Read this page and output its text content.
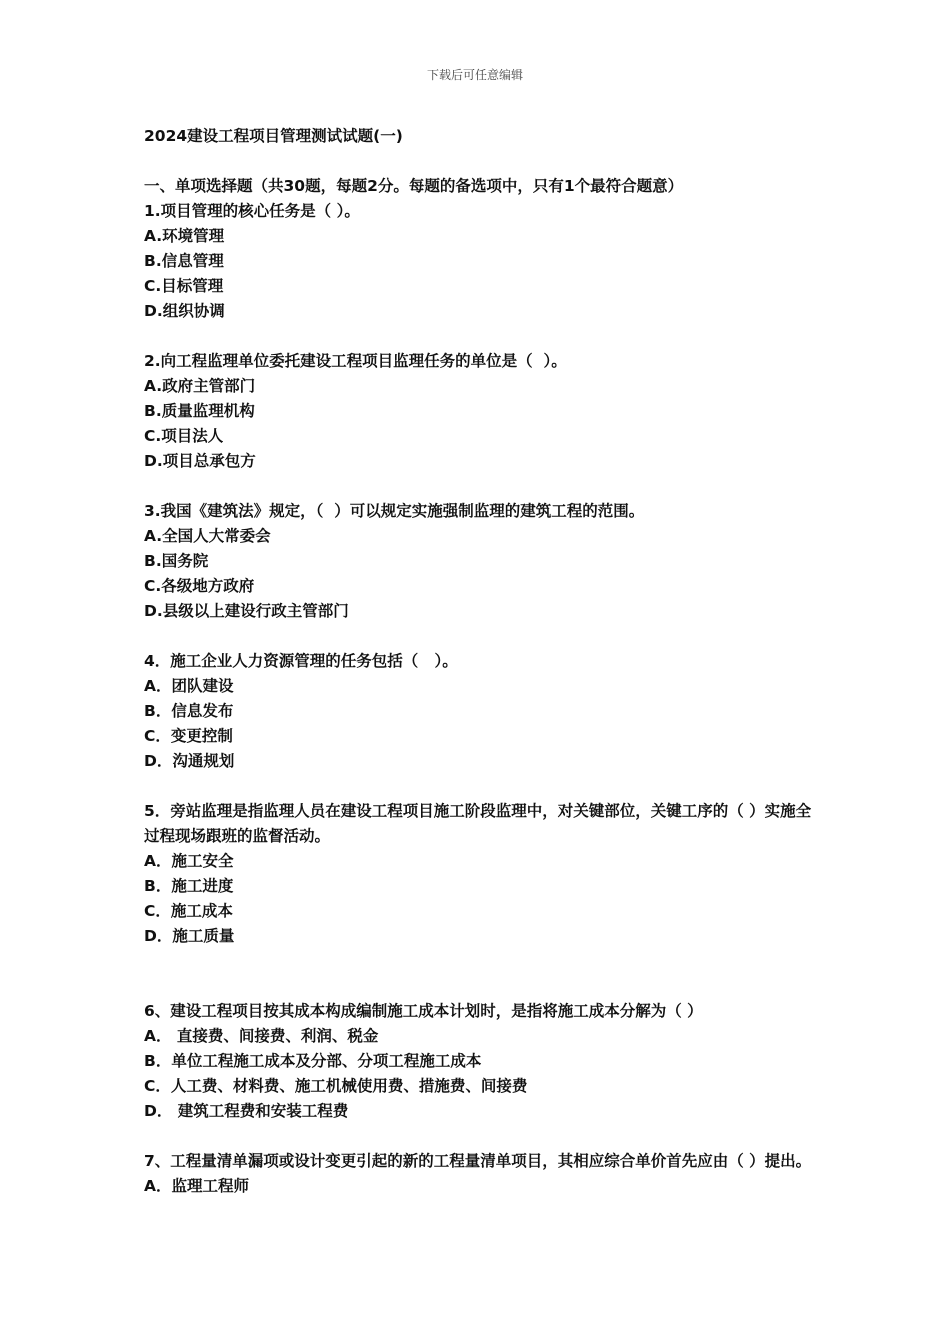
下载后可任意编辑

2024建设工程项目管理测试试题(一)

一、单项选择题（共30题，每题2分。每题的备选项中，只有1个最符合题意）

1.项目管理的核心任务是（ ）。

A.环境管理

B.信息管理

C.目标管理

D.组织协调

2.向工程监理单位委托建设工程项目监理任务的单位是（  ）。

A.政府主管部门

B.质量监理机构

C.项目法人

D.项目总承包方

3.我国《建筑法》规定，（  ）可以规定实施强制监理的建筑工程的范围。

A.全国人大常委会

B.国务院

C.各级地方政府

D.县级以上建设行政主管部门

4．施工企业人力资源管理的任务包括（   ）。

A．团队建设

B．信息发布

C．变更控制

D．沟通规划

5．旁站监理是指监理人员在建设工程项目施工阶段监理中，对关键部位，关键工序的（ ）实施全过程现场跟班的监督活动。

A．施工安全

B．施工进度

C．施工成本

D．施工质量

6、建设工程项目按其成本构成编制施工成本计划时，是指将施工成本分解为（ ）

A． 直接费、间接费、利润、税金

B．单位工程施工成本及分部、分项工程施工成本

C．人工费、材料费、施工机械使用费、措施费、间接费

D． 建筑工程费和安装工程费

7、工程量清单漏项或设计变更引起的新的工程量清单项目，其相应综合单价首先应由（ ）提出。

A．监理工程师
